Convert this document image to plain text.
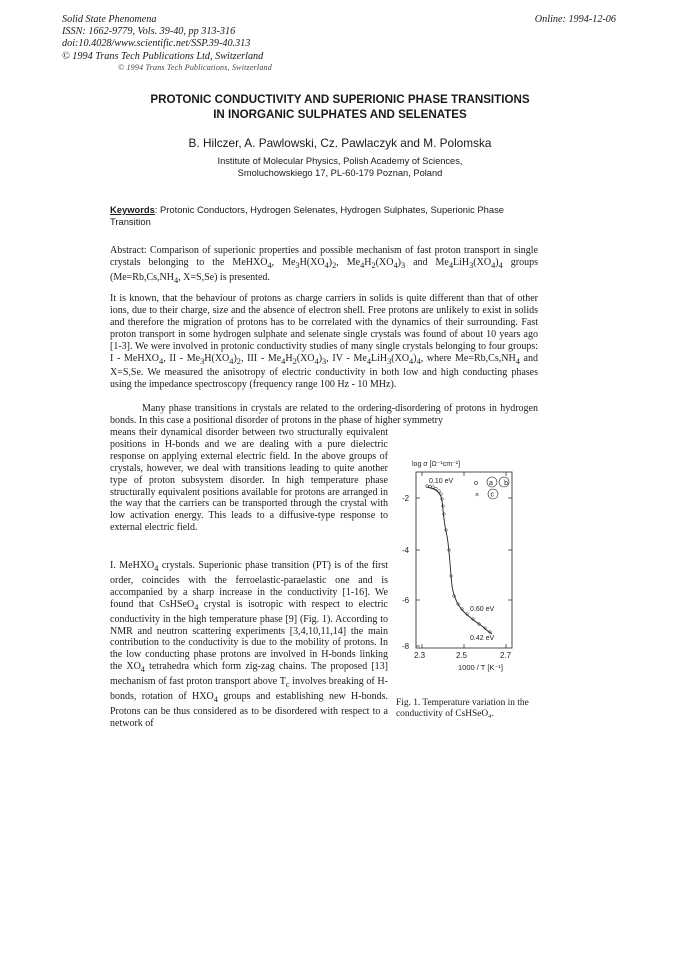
Solid State Phenomena
ISSN: 1662-9779, Vols. 39-40, pp 313-316
doi:10.4028/www.scientific.net/SSP.39-40.313
© 1994 Trans Tech Publications Ltd, Switzerland
Online: 1994-12-06
© 1994 Trans Tech Publications, Switzerland
PROTONIC CONDUCTIVITY AND SUPERIONIC PHASE TRANSITIONS
IN INORGANIC SULPHATES AND SELENATES
B. Hilczer, A. Pawlowski, Cz. Pawlaczyk and M. Polomska
Institute of Molecular Physics, Polish Academy of Sciences,
Smoluchowskiego 17, PL-60-179 Poznan, Poland
Keywords: Protonic Conductors, Hydrogen Selenates, Hydrogen Sulphates, Superionic Phase Transition

Abstract: Comparison of superionic properties and possible mechanism of fast proton transport in single crystals belonging to the MeHXO$_4$, $Me_3H(XO_4)_2$, $Me_4H_2(XO_4)_3$ and $Me_4LiH_3(XO_4)_4$ groups ($Me=Rb,Cs,NH_4$, X=S,Se) is presented.

It is known, that the behaviour of protons as charge carriers in solids is quite different than that of other ions, due to their charge, size and the absence of electron shell. Free protons are unlikely to exist in solids and therefore the migration of protons has to be correlated with the dynamics of their surrounding. Fast proton transport in some hydrogen sulphate and selenate single crystals was found of about 10 years ago [1-3]. We were involved in protonic conductivity studies of many single crystals belonging to four groups: I - MeHXO$_4$, II - $Me_3H(XO_4)_2$, III - $Me_4H_2(XO_4)_3$, IV - $Me_4LiH_3(XO_4)_4$, where $Me=Rb,Cs,NH_4$ and X=S,Se. We measured the anisotropy of electric conductivity in both low and high conducting phases using the impedance spectroscopy (frequency range 100 Hz - 10 MHz).

Many phase transitions in crystals are related to the ordering-disordering of protons in hydrogen bonds. In this case a positional disorder of protons in the phase of higher symmetry

means their dynamical disorder between two structurally equivalent positions in H-bonds and we are dealing with a pure dielectric response on applying external electric field. In the above groups of crystals, however, we deal with transitions leading to quite another type of proton subsystem disorder. In high temperature phase structurally equivalent positions available for protons are arranged in the way that the carriers can be transported through the crystal with low activation energy. This leads to a diffusive-type response to external electric field.

I. MeHXO$_4$ crystals. Superionic phase transition (PT) is of the first order, coincides with the ferroelastic-paraelastic one and is accompanied by a sharp increase in the conductivity [1-16]. We found that CsHSeO$_4$ crystal is isotropic with respect to electric conductivity in the high temperature phase [9] (Fig. 1). According to NMR and neutron scattering experiments [3,4,10,11,14] the main contribution to the conductivity is due to the mobility of protons. In the low conducting phase protons are involved in H-bonds linking the $XO_4$ tetrahedra which form zig-zag chains. The proposed [13] mechanism of fast proton transport above $T_c$ involves breaking of H-bonds, rotation of $HXO_4$ groups and establishing new H-bonds. Protons can be thus considered as to be disordered with respect to a network of

log σ [Ω⁻¹cm⁻¹]
-2
-4
-6
-8
2.3	2.5	2.7
1000 / T [K⁻¹]
0.10 eV
0.60 eV
0.42 eV
a b
× c
Fig. 1. Temperature variation in the conductivity of CsHSeO₄.
